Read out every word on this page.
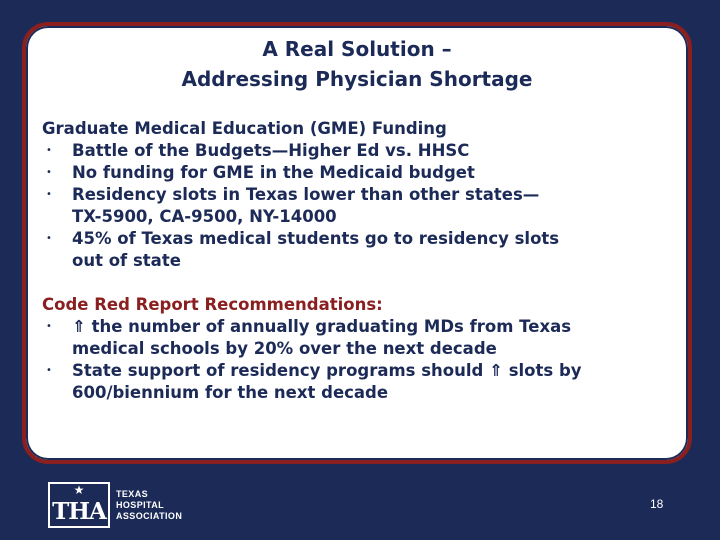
A Real Solution –
Addressing Physician Shortage
Graduate Medical Education (GME) Funding
• Battle of the Budgets—Higher Ed vs. HHSC
• No funding for GME in the Medicaid budget
• Residency slots in Texas lower than other states—
TX-5900, CA-9500, NY-14000
• 45% of Texas medical students go to residency slots
out of state
Code Red Report Recommendations:
• ⇑ the number of annually graduating MDs from Texas
medical schools by 20% over the next decade
• State support of residency programs should ⇑ slots by
600/biennium for the next decade
★
THA
TEXAS
HOSPITAL
ASSOCIATION
18
